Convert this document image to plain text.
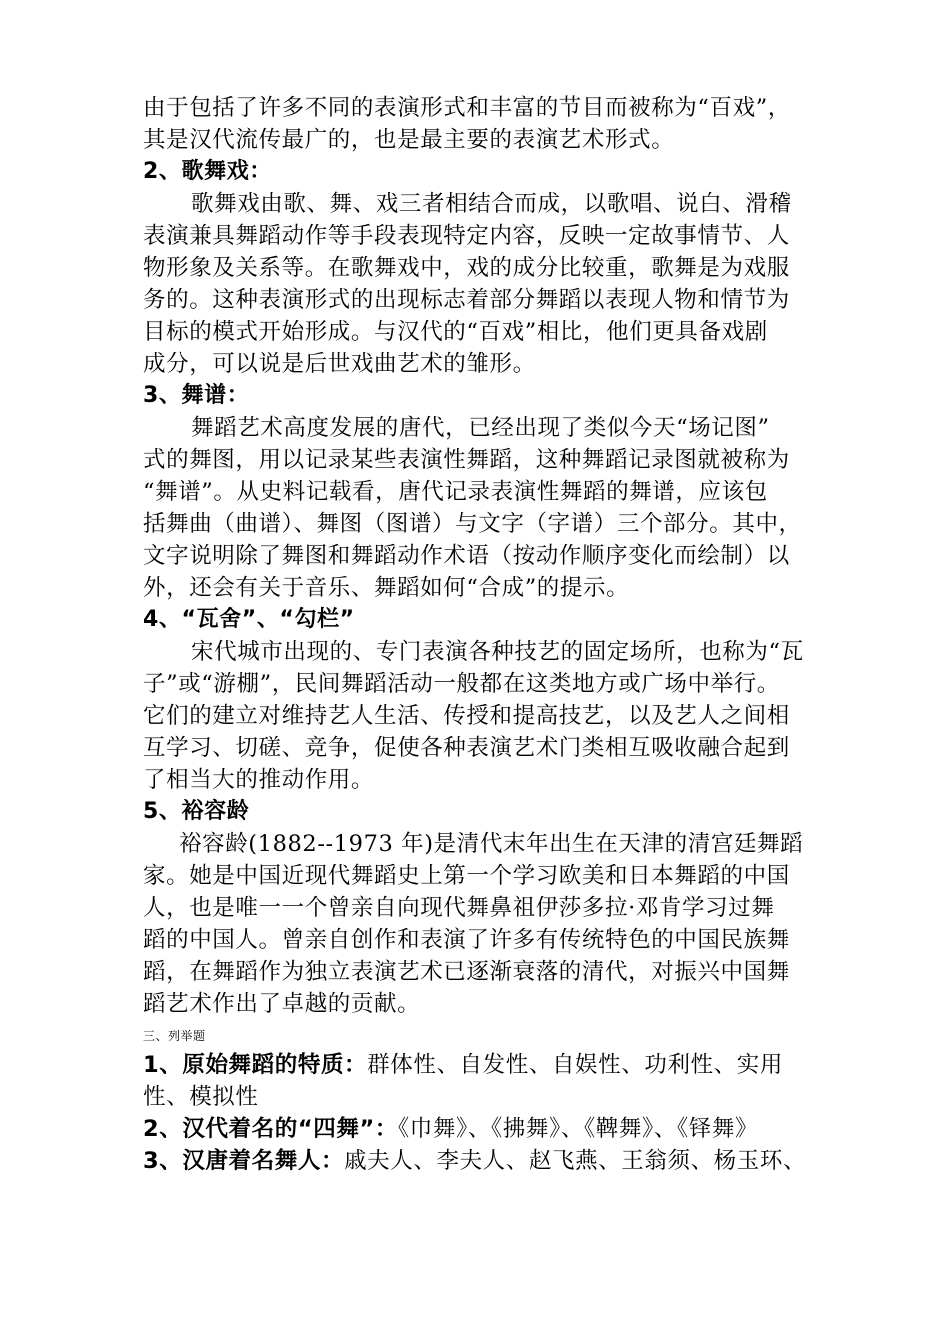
由于包括了许多不同的表演形式和丰富的节目而被称为“百戏”，
其是汉代流传最广的，也是最主要的表演艺术形式。
2、歌舞戏：
歌舞戏由歌、舞、戏三者相结合而成，以歌唱、说白、滑稽
表演兼具舞蹈动作等手段表现特定内容，反映一定故事情节、人
物形象及关系等。在歌舞戏中，戏的成分比较重，歌舞是为戏服
务的。这种表演形式的出现标志着部分舞蹈以表现人物和情节为
目标的模式开始形成。与汉代的“百戏”相比，他们更具备戏剧
成分，可以说是后世戏曲艺术的雏形。
3、舞谱：
舞蹈艺术高度发展的唐代，已经出现了类似今天“场记图”
式的舞图，用以记录某些表演性舞蹈，这种舞蹈记录图就被称为
“舞谱”。从史料记载看，唐代记录表演性舞蹈的舞谱，应该包
括舞曲（曲谱）、舞图（图谱）与文字（字谱）三个部分。其中，
文字说明除了舞图和舞蹈动作术语（按动作顺序变化而绘制）以
外，还会有关于音乐、舞蹈如何“合成”的提示。
4、“瓦舍”、“勾栏”
宋代城市出现的、专门表演各种技艺的固定场所，也称为“瓦
子”或“游棚”，民间舞蹈活动一般都在这类地方或广场中举行。
它们的建立对维持艺人生活、传授和提高技艺，以及艺人之间相
互学习、切磋、竞争，促使各种表演艺术门类相互吸收融合起到
了相当大的推动作用。
5、裕容龄
裕容龄(1882--1973 年)是清代末年出生在天津的清宫廷舞蹈
家。她是中国近现代舞蹈史上第一个学习欧美和日本舞蹈的中国
人，也是唯一一个曾亲自向现代舞鼻祖伊莎多拉·邓肯学习过舞
蹈的中国人。曾亲自创作和表演了许多有传统特色的中国民族舞
蹈，在舞蹈作为独立表演艺术已逐渐衰落的清代，对振兴中国舞
蹈艺术作出了卓越的贡献。
三、列举题
1、原始舞蹈的特质：群体性、自发性、自娱性、功利性、实用
性、模拟性
2、汉代着名的“四舞”：《巾舞》、《拂舞》、《鞞舞》、《铎舞》
3、汉唐着名舞人：戚夫人、李夫人、赵飞燕、王翁须、杨玉环、
